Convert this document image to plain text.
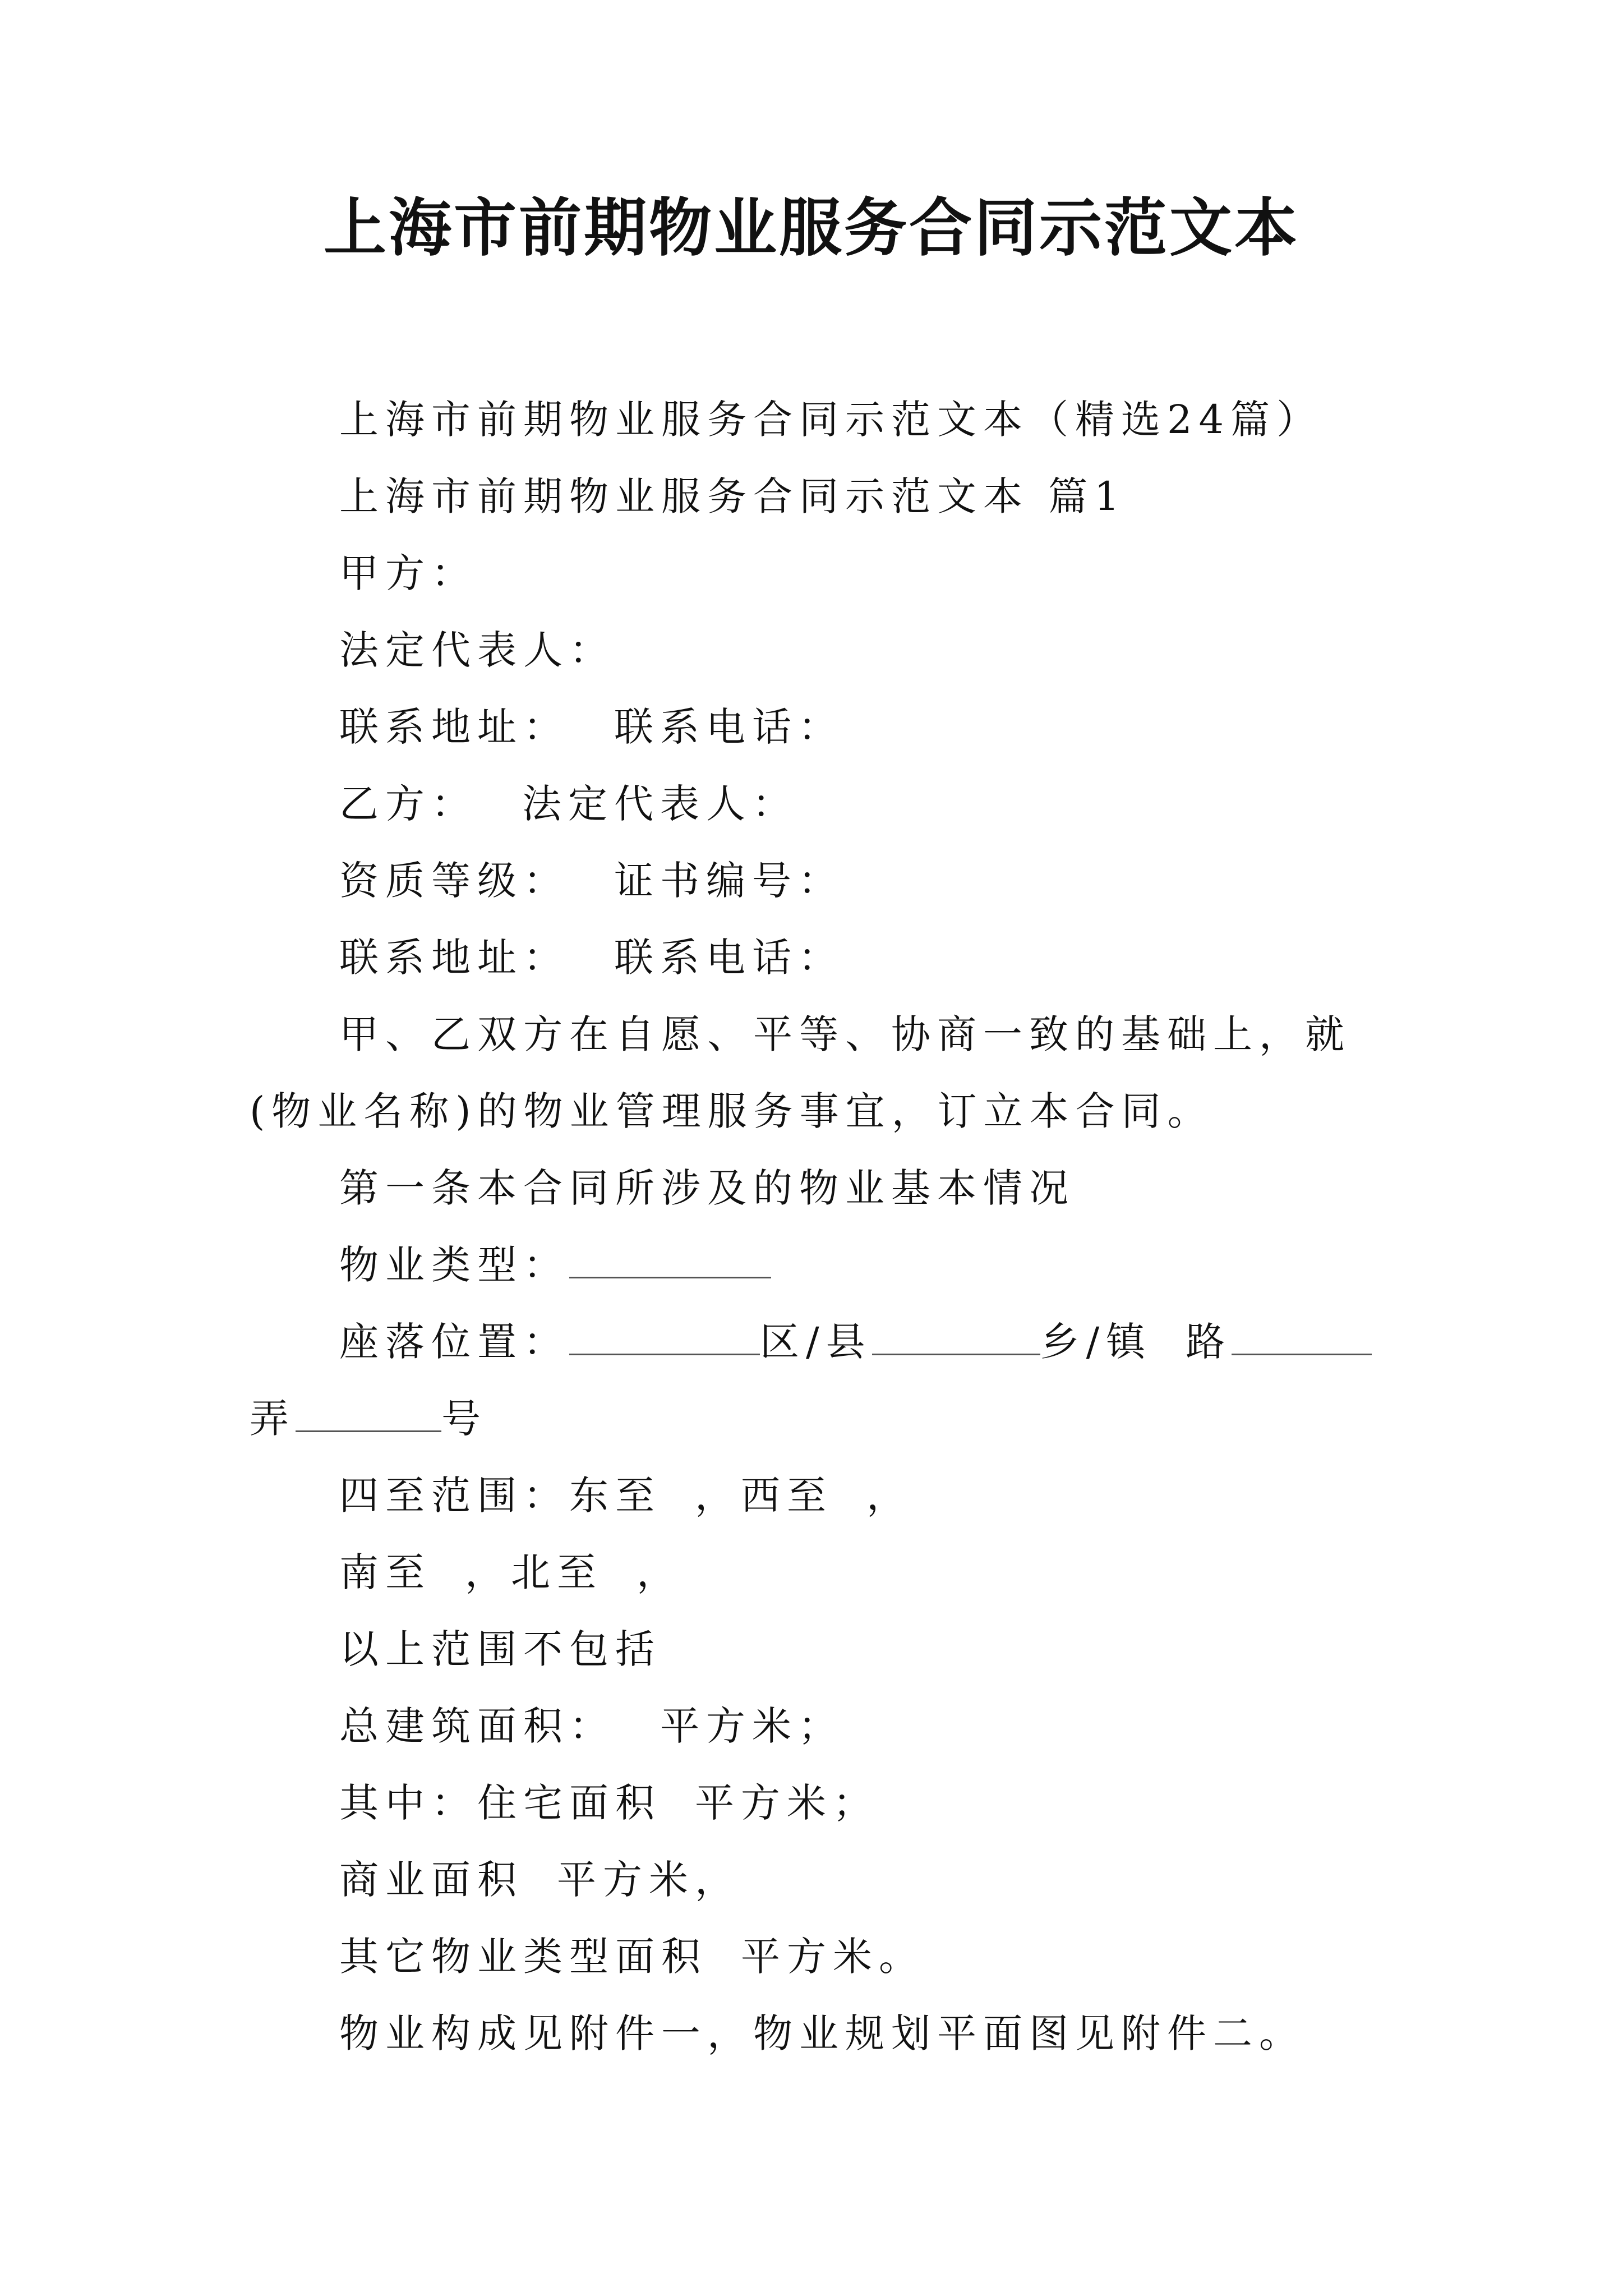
上海市前期物业服务合同示范文本

上海市前期物业服务合同示范文本（精选24篇）

上海市前期物业服务合同示范文本 篇1

甲方：

法定代表人：

联系地址： 联系电话：

乙方： 法定代表人：

资质等级： 证书编号：

联系地址： 联系电话：

甲、乙双方在自愿、平等、协商一致的基础上，就(物业名称)的物业管理服务事宜，订立本合同。

第一条本合同所涉及的物业基本情况

物业类型：

座落位置：	区/县	乡/镇 路弄	号

四至范围：东至 ，西至 ，

南至 ，北至 ，

以上范围不包括

总建筑面积： 平方米；

其中：住宅面积 平方米；

商业面积 平方米，

其它物业类型面积 平方米。

物业构成见附件一，物业规划平面图见附件二。
